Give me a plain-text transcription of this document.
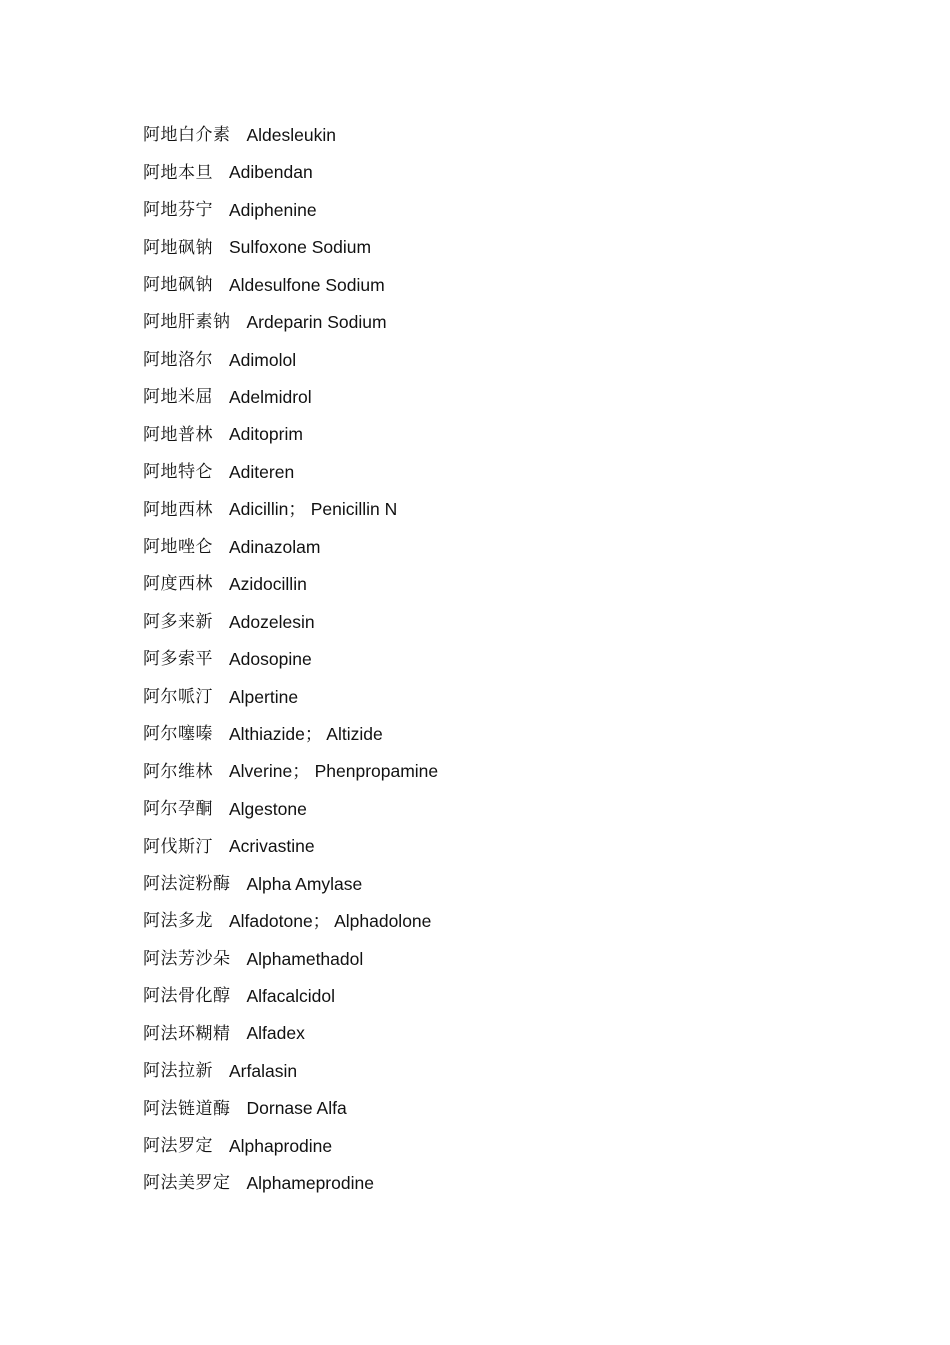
阿地白介素 Aldesleukin
阿地本旦 Adibendan
阿地芬宁 Adiphenine
阿地砜钠 Sulfoxone Sodium
阿地砜钠 Aldesulfone Sodium
阿地肝素钠 Ardeparin Sodium
阿地洛尔 Adimolol
阿地米屈 Adelmidrol
阿地普林 Aditoprim
阿地特仑 Aditeren
阿地西林 Adicillin； Penicillin N
阿地唑仑 Adinazolam
阿度西林 Azidocillin
阿多来新 Adozelesin
阿多索平 Adosopine
阿尔哌汀 Alpertine
阿尔噻嗪 Althiazide； Altizide
阿尔维林 Alverine； Phenpropamine
阿尔孕酮 Algestone
阿伐斯汀 Acrivastine
阿法淀粉酶 Alpha Amylase
阿法多龙 Alfadotone； Alphadolone
阿法芳沙朵 Alphamethadol
阿法骨化醇 Alfacalcidol
阿法环糊精 Alfadex
阿法拉新 Arfalasin
阿法链道酶 Dornase Alfa
阿法罗定 Alphaprodine
阿法美罗定 Alphameprodine
